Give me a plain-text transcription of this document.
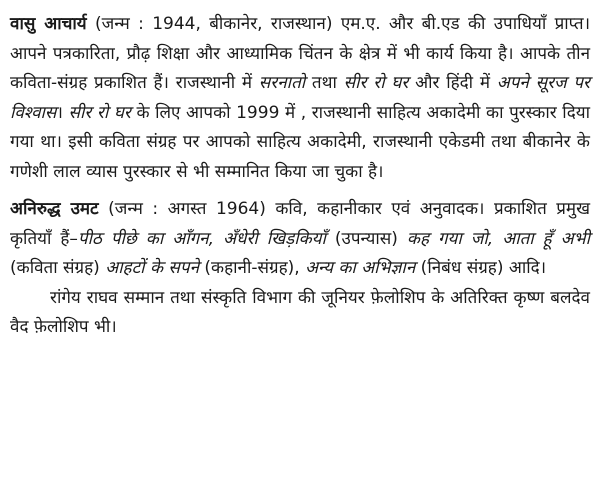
वासु आचार्य (जन्म : 1944, बीकानेर, राजस्थान) एम.ए. और बी.एड की उपाधियाँ प्राप्त। आपने पत्रकारिता, प्रौढ़ शिक्षा और आध्यामिक चिंतन के क्षेत्र में भी कार्य किया है। आपके तीन कविता-संग्रह प्रकाशित हैं। राजस्थानी में सरनातो तथा सीर रो घर और हिंदी में अपने सूरज पर विश्वास। सीर रो घर के लिए आपको 1999 में , राजस्थानी साहित्य अकादेमी का पुरस्कार दिया गया था। इसी कविता संग्रह पर आपको साहित्य अकादेमी, राजस्थानी एकेडमी तथा बीकानेर के गणेशी लाल व्यास पुरस्कार से भी सम्मानित किया जा चुका है।

अनिरुद्ध उमट (जन्म : अगस्त 1964) कवि, कहानीकार एवं अनुवादक। प्रकाशित प्रमुख कृतियाँ हैं–पीठ पीछे का आँगन, अँधेरी खिड़कियाँ (उपन्यास) कह गया जो, आता हूँ अभी (कविता संग्रह) आहटों के सपने (कहानी-संग्रह), अन्य का अभिज्ञान (निबंध संग्रह) आदि।

रांगेय राघव सम्मान तथा संस्कृति विभाग की जूनियर फ़ेलोशिप के अतिरिक्त कृष्ण बलदेव वैद फ़ेलोशिप भी।
